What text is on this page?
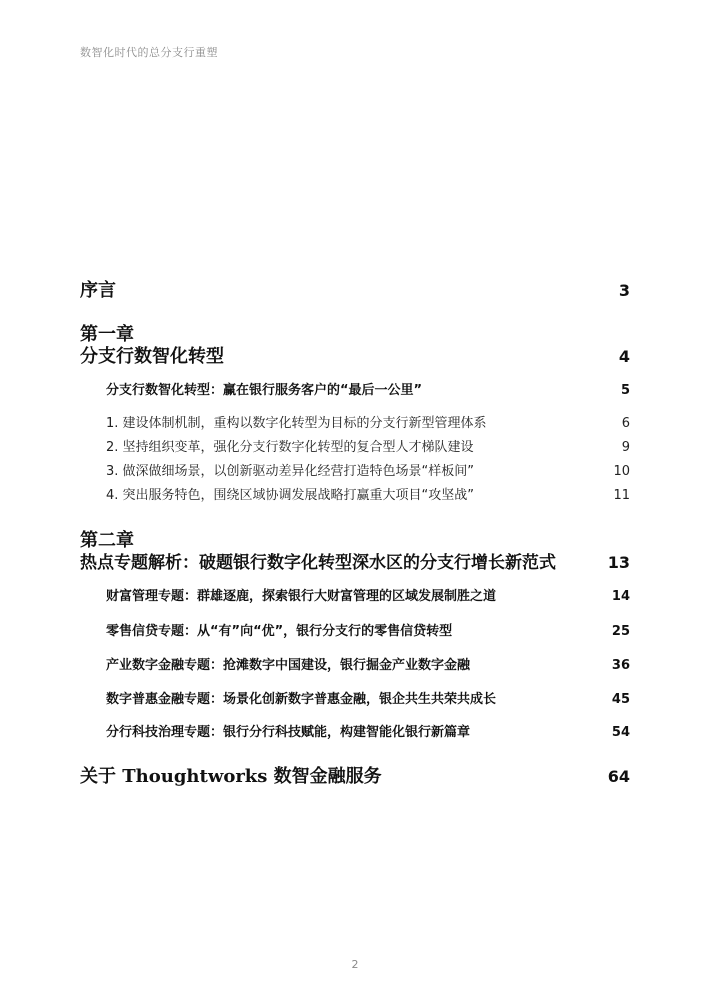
数智化时代的总分支行重塑
序言	3
第一章
分支行数智化转型	4
分支行数智化转型：赢在银行服务客户的“最后一公里”	5
1. 建设体制机制，重构以数字化转型为目标的分支行新型管理体系	6
2. 坚持组织变革，强化分支行数字化转型的复合型人才梯队建设	9
3. 做深做细场景，以创新驱动差异化经营打造特色场景“样板间”	10
4. 突出服务特色，围绕区域协调发展战略打赢重大项目“攻坚战”	11
第二章
热点专题解析：破题银行数字化转型深水区的分支行增长新范式	13
财富管理专题：群雄逐鹿，探索银行大财富管理的区域发展制胜之道	14
零售信贷专题：从“有”向“优”，银行分支行的零售信贷转型	25
产业数字金融专题：抢滩数字中国建设，银行掘金产业数字金融	36
数字普惠金融专题：场景化创新数字普惠金融，银企共生共荣共成长	45
分行科技治理专题：银行分行科技赋能，构建智能化银行新篇章	54
关于 Thoughtworks 数智金融服务	64
2
